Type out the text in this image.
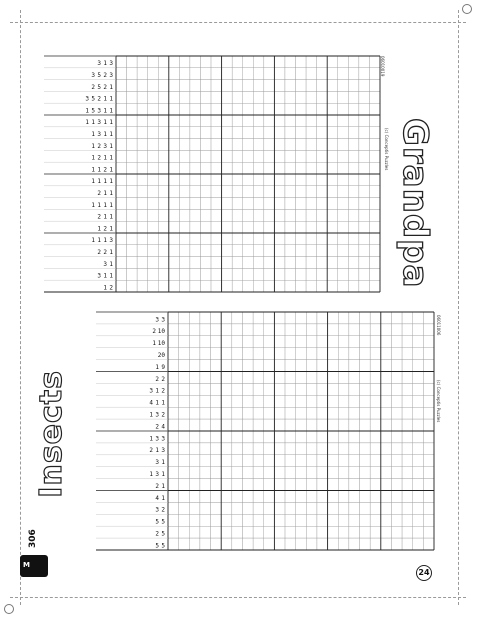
3
1
3
3
2
5
3
1
2
5
2
1
1
2
5
3
1
1
3
5
1
1
1
3
1
1
1
1
3
1
1
3
2
1
1
1
2
1
1
2
1
1
1
1
1
1
1
1
2
1
1
1
1
1
1
2
1
2
1
3
1
1
1
1
2
2
1
3
1
1
3
2
1	Grandpa
(c) Conceptis Puzzles
06010019
3
3
10
2
10
1
20
9
1
2
2
2
1
3
1
1
4
2
3
1
4
2
3
3
1
3
1
2
1
3
1
3
1
1
2
1
4
2
3
5
5
5
2
5
5
Insects	(c) Conceptis Puzzles
06011006
306
M
24
